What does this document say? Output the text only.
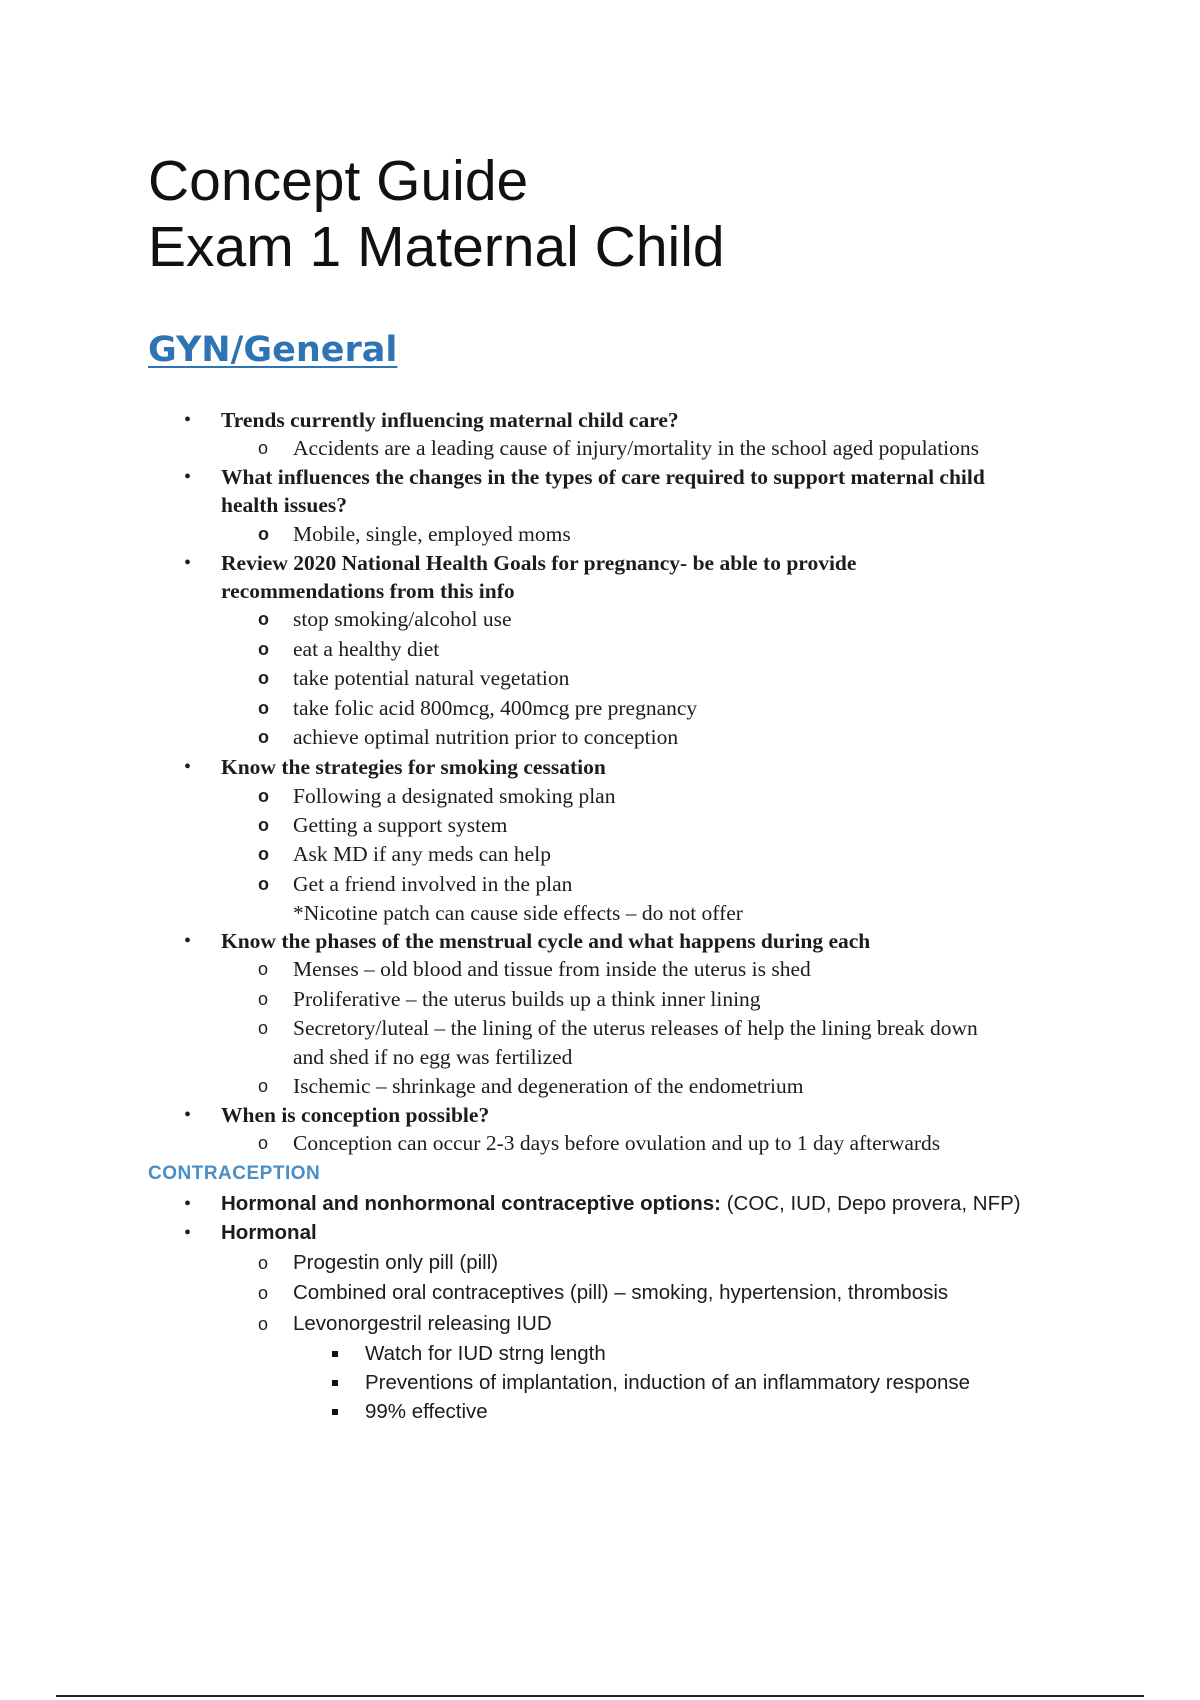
Concept Guide
Exam 1 Maternal Child
GYN/General
• Trends currently influencing maternal child care?
o Accidents are a leading cause of injury/mortality in the school aged populations
• What influences the changes in the types of care required to support maternal child
health issues?
o Mobile, single, employed moms
• Review 2020 National Health Goals for pregnancy- be able to provide
recommendations from this info
o stop smoking/alcohol use
o eat a healthy diet
o take potential natural vegetation
o take folic acid 800mcg, 400mcg pre pregnancy
o achieve optimal nutrition prior to conception
• Know the strategies for smoking cessation
o Following a designated smoking plan
o Getting a support system
o Ask MD if any meds can help
o Get a friend involved in the plan
*Nicotine patch can cause side effects – do not offer
• Know the phases of the menstrual cycle and what happens during each
o Menses – old blood and tissue from inside the uterus is shed
o Proliferative – the uterus builds up a think inner lining
o Secretory/luteal – the lining of the uterus releases of help the lining break down
and shed if no egg was fertilized
o Ischemic – shrinkage and degeneration of the endometrium
• When is conception possible?
o Conception can occur 2-3 days before ovulation and up to 1 day afterwards
CONTRACEPTION
• Hormonal and nonhormonal contraceptive options: (COC, IUD, Depo provera, NFP)
• Hormonal
o Progestin only pill (pill)
o Combined oral contraceptives (pill) – smoking, hypertension, thrombosis
o Levonorgestril releasing IUD
Watch for IUD strng length
Preventions of implantation, induction of an inflammatory response
99% effective
